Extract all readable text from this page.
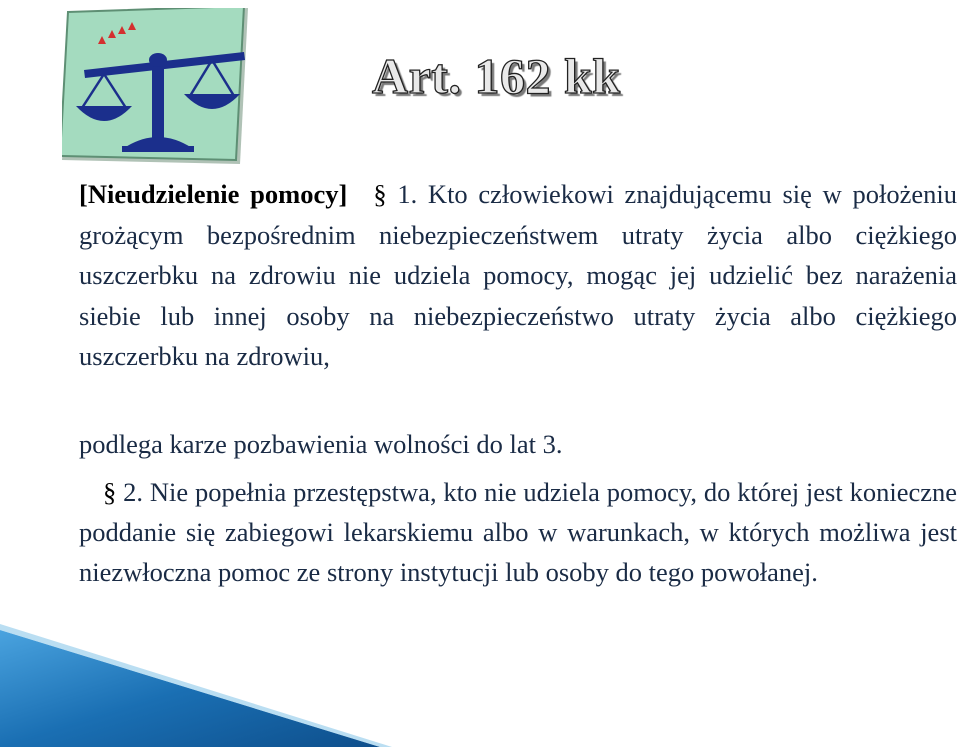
Art. 162 kk

[Nieudzielenie pomocy] § 1. Kto człowiekowi znajdującemu się w położeniu grożącym bezpośrednim niebezpieczeństwem utraty życia albo ciężkiego uszczerbku na zdrowiu nie udziela pomocy, mogąc jej udzielić bez narażenia siebie lub innej osoby na niebezpieczeństwo utraty życia albo ciężkiego uszczerbku na zdrowiu,

podlega karze pozbawienia wolności do lat 3.

§ 2. Nie popełnia przestępstwa, kto nie udziela pomocy, do której jest konieczne poddanie się zabiegowi lekarskiemu albo w warunkach, w których możliwa jest niezwłoczna pomoc ze strony instytucji lub osoby do tego powołanej.
